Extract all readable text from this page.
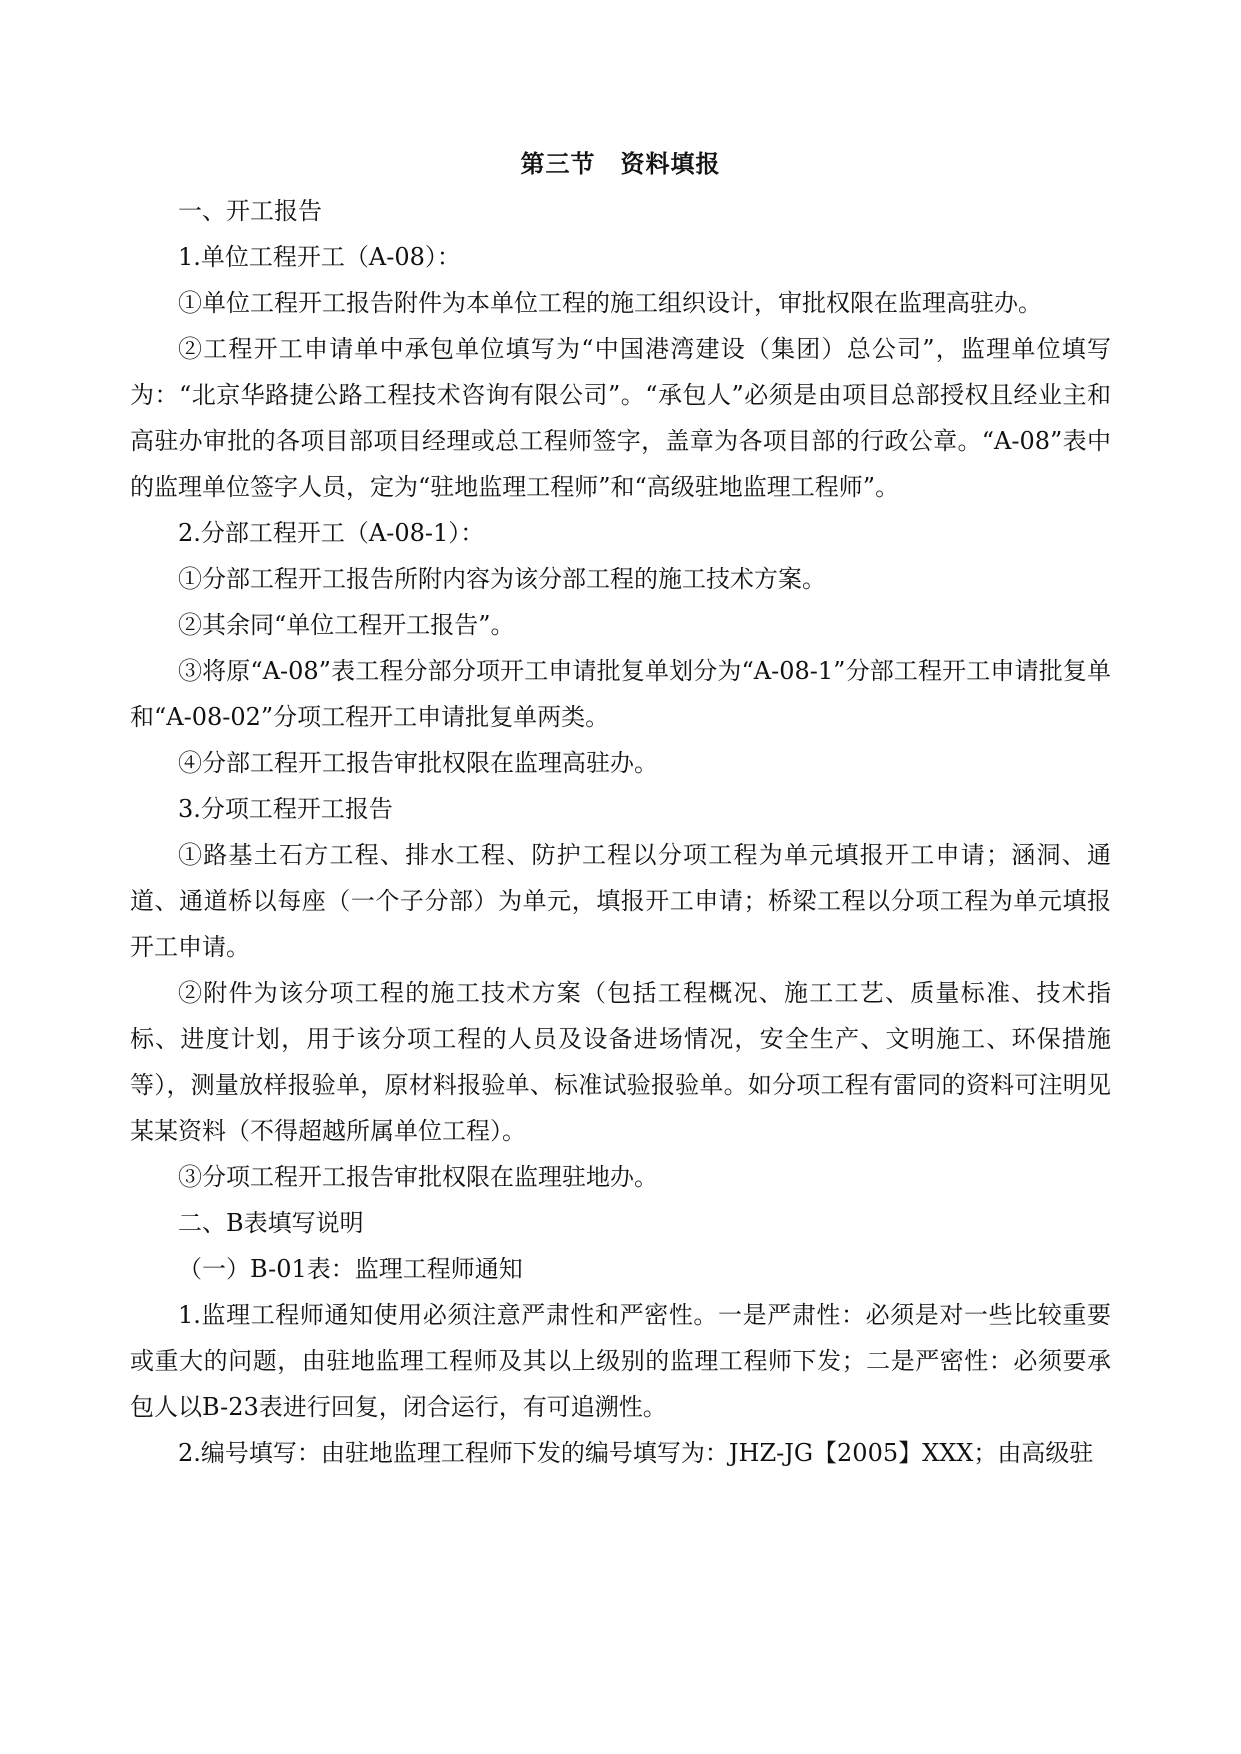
第三节　资料填报
一、开工报告
1.单位工程开工（A-08）：
①单位工程开工报告附件为本单位工程的施工组织设计，审批权限在监理高驻办。
②工程开工申请单中承包单位填写为“中国港湾建设（集团）总公司”，监理单位填写为：“北京华路捷公路工程技术咨询有限公司”。“承包人”必须是由项目总部授权且经业主和高驻办审批的各项目部项目经理或总工程师签字，盖章为各项目部的行政公章。“A-08”表中的监理单位签字人员，定为“驻地监理工程师”和“高级驻地监理工程师”。
2.分部工程开工（A-08-1）：
①分部工程开工报告所附内容为该分部工程的施工技术方案。
②其余同“单位工程开工报告”。
③将原“A-08”表工程分部分项开工申请批复单划分为“A-08-1”分部工程开工申请批复单和“A-08-02”分项工程开工申请批复单两类。
④分部工程开工报告审批权限在监理高驻办。
3.分项工程开工报告
①路基土石方工程、排水工程、防护工程以分项工程为单元填报开工申请；涵洞、通道、通道桥以每座（一个子分部）为单元，填报开工申请；桥梁工程以分项工程为单元填报开工申请。
②附件为该分项工程的施工技术方案（包括工程概况、施工工艺、质量标准、技术指标、进度计划，用于该分项工程的人员及设备进场情况，安全生产、文明施工、环保措施等），测量放样报验单，原材料报验单、标准试验报验单。如分项工程有雷同的资料可注明见某某资料（不得超越所属单位工程）。
③分项工程开工报告审批权限在监理驻地办。
二、B表填写说明
（一）B-01表：监理工程师通知
1.监理工程师通知使用必须注意严肃性和严密性。一是严肃性：必须是对一些比较重要或重大的问题，由驻地监理工程师及其以上级别的监理工程师下发；二是严密性：必须要承包人以B-23表进行回复，闭合运行，有可追溯性。
2.编号填写：由驻地监理工程师下发的编号填写为：JHZ-JG【2005】XXX；由高级驻
